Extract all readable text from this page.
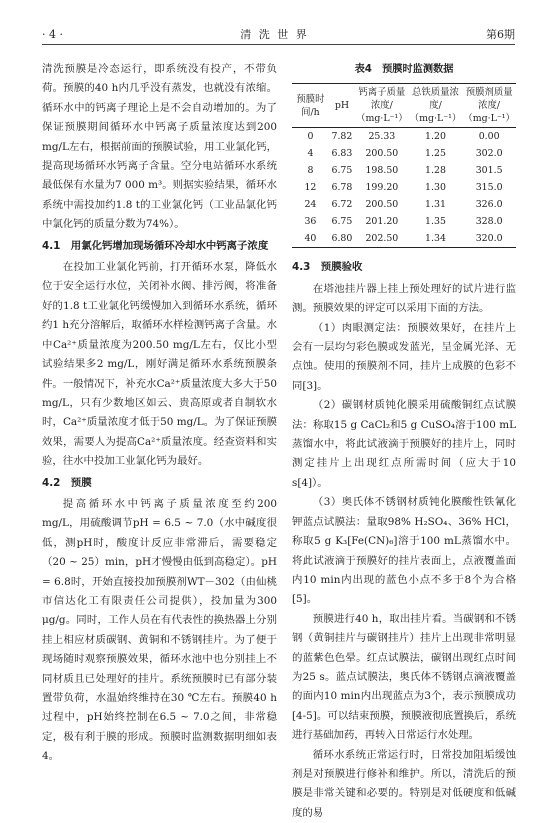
· 4 ·	清 洗 世 界	第6期

清洗预膜是冷态运行，即系统没有投产，不带负荷。预膜的40 h内几乎没有蒸发，也就没有浓缩。循环水中的钙离子理论上是不会自动增加的。为了保证预膜期间循环水中钙离子质量浓度达到200 mg/L左右，根据前面的预膜试验，用工业氯化钙，提高现场循环水钙离子含量。空分电站循环水系统最低保有水量为7 000 m³。则据实验结果，循环水系统中需投加约1.8 t的工业氯化钙（工业品氯化钙中氯化钙的质量分数为74%）。

4.1　用氯化钙增加现场循环冷却水中钙离子浓度

在投加工业氯化钙前，打开循环水泵，降低水位于安全运行水位，关闭补水阀、排污阀，将准备好的1.8 t工业氯化钙缓慢加入到循环水系统，循环约1 h充分溶解后，取循环水样检测钙离子含量。水中Ca²⁺质量浓度为200.50 mg/L左右，仅比小型试验结果多2 mg/L，刚好满足循环水系统预膜条件。一般情况下，补充水Ca²⁺质量浓度大多大于50 mg/L，只有少数地区如云、贵高原或者自制软水时，Ca²⁺质量浓度才低于50 mg/L。为了保证预膜效果，需要人为提高Ca²⁺质量浓度。经查资料和实验，往水中投加工业氯化钙为最好。

4.2　预膜

提高循环水中钙离子质量浓度至约200 mg/L，用硫酸调节pH = 6.5 ~ 7.0（水中碱度很低，测pH时，酸度计反应非常滞后，需要稳定（20 ~ 25）min，pH才慢慢由低到高稳定）。pH = 6.8时，开始直接投加预膜剂WT－302（由仙桃市信达化工有限责任公司提供），投加量为300 μg/g。同时，工作人员在有代表性的换热器上分别挂上相应材质碳钢、黄铜和不锈钢挂片。为了便于现场随时观察预膜效果，循环水池中也分别挂上不同材质且已处理好的挂片。系统预膜时已有部分装置带负荷，水温始终维持在30 ℃左右。预膜40 h过程中，pH始终控制在6.5 ~ 7.0之间，非常稳定，极有利于膜的形成。预膜时监测数据明细如表4。

表4　预膜时监测数据
预膜时间/h	pH	钙离子质量浓度/（mg·L⁻¹）	总铁质量浓度/（mg·L⁻¹）	预膜剂质量浓度/（mg·L⁻¹）
0	7.82	25.33	1.20	0.00
4	6.83	200.50	1.25	302.0
8	6.75	198.50	1.28	301.5
12	6.78	199.20	1.30	315.0
24	6.72	200.50	1.31	326.0
36	6.75	201.20	1.35	328.0
40	6.80	202.50	1.34	320.0
4.3　预膜验收

在塔池挂片器上挂上预处理好的试片进行监测。预膜效果的评定可以采用下面的方法。

（1）肉眼测定法：预膜效果好，在挂片上会有一层均匀彩色膜或发蓝光，呈金属光泽、无点蚀。使用的预膜剂不同，挂片上成膜的色彩不同[3]。

（2）碳钢材质钝化膜采用硫酸铜红点试膜法：称取15 g CaCl₂和5 g CuSO₄溶于100 mL蒸馏水中，将此试液滴于预膜好的挂片上，同时测定挂片上出现红点所需时间（应大于10 s[4]）。

（3）奥氏体不锈钢材质钝化膜酸性铁氰化钾蓝点试膜法：量取98% H₂SO₄、36% HCl，称取5 g K₃[Fe(CN)₆]溶于100 mL蒸馏水中。将此试液滴于预膜好的挂片表面上，点液覆盖面内10 min内出现的蓝色小点不多于8个为合格[5]。

预膜进行40 h，取出挂片看。当碳钢和不锈钢（黄铜挂片与碳钢挂片）挂片上出现非常明显的蓝紫色色晕。红点试膜法，碳钢出现红点时间为25 s。蓝点试膜法，奥氏体不锈钢点滴液覆盖的面内10 min内出现蓝点为3个，表示预膜成功[4-5]。可以结束预膜，预膜液彻底置换后，系统进行基础加药，再转入日常运行水处理。

循环水系统正常运行时，日常投加阻垢缓蚀剂是对预膜进行修补和维护。所以，清洗后的预膜是非常关键和必要的。特别是对低硬度和低碱度的易
